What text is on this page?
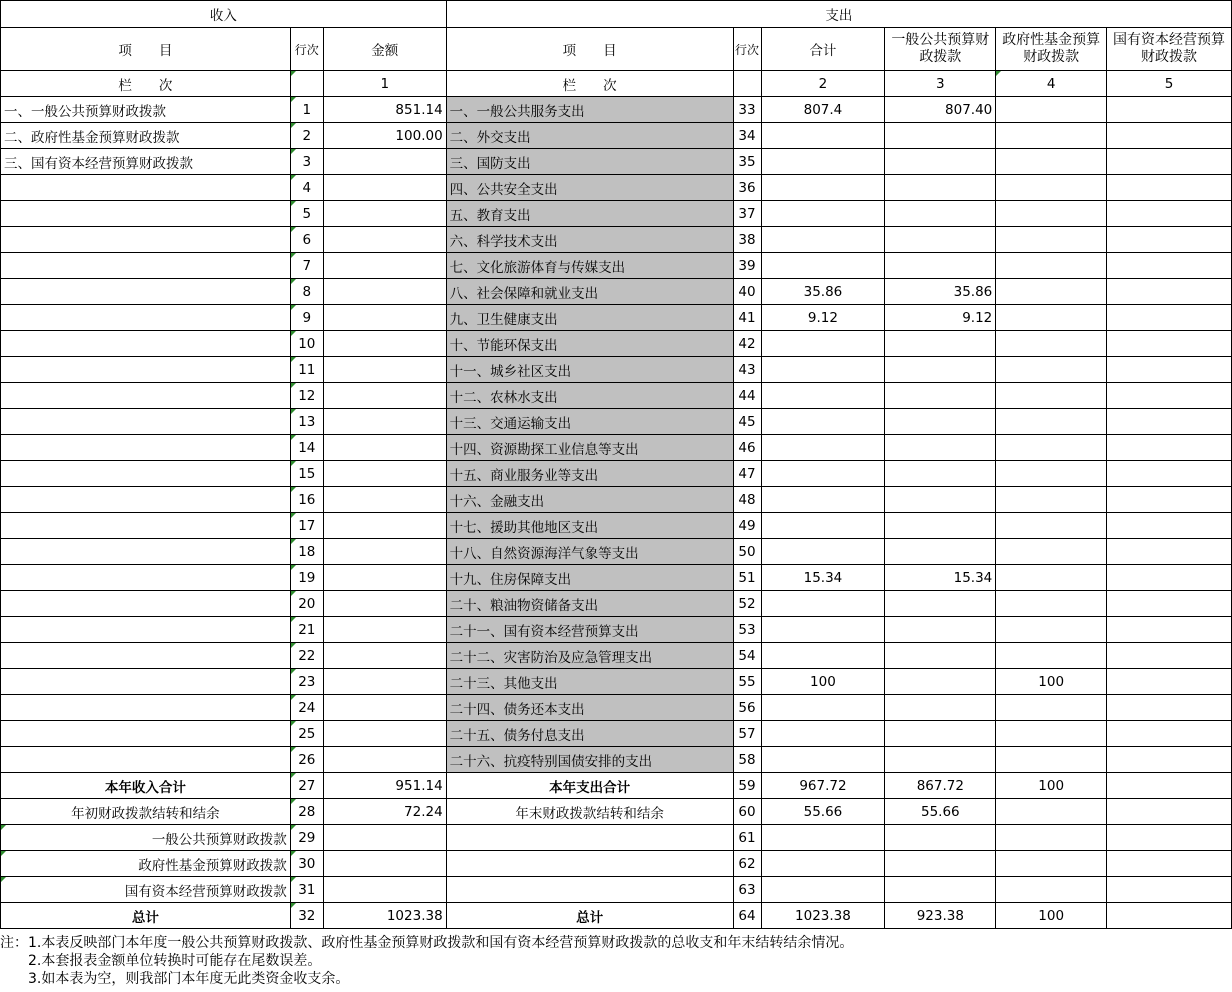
收入			支出					
项　　目	行次	金额	项　　目	行次	合计	一般公共预算财政拨款	政府性基金预算财政拨款	国有资本经营预算财政拨款
栏　　次		1	栏　　次		2	3	4	5
一、一般公共预算财政拨款	1	851.14	一、一般公共服务支出	33	807.4	807.40		
二、政府性基金预算财政拨款	2	100.00	二、外交支出	34				
三、国有资本经营预算财政拨款	3		三、国防支出	35				
	4		四、公共安全支出	36				
	5		五、教育支出	37				
	6		六、科学技术支出	38				
	7		七、文化旅游体育与传媒支出	39				
	8		八、社会保障和就业支出	40	35.86	35.86		
	9		九、卫生健康支出	41	9.12	9.12		
	10		十、节能环保支出	42				
	11		十一、城乡社区支出	43				
	12		十二、农林水支出	44				
	13		十三、交通运输支出	45				
	14		十四、资源勘探工业信息等支出	46				
	15		十五、商业服务业等支出	47				
	16		十六、金融支出	48				
	17		十七、援助其他地区支出	49				
	18		十八、自然资源海洋气象等支出	50				
	19		十九、住房保障支出	51	15.34	15.34		
	20		二十、粮油物资储备支出	52				
	21		二十一、国有资本经营预算支出	53				
	22		二十二、灾害防治及应急管理支出	54				
	23		二十三、其他支出	55	100		100	
	24		二十四、债务还本支出	56				
	25		二十五、债务付息支出	57				
	26		二十六、抗疫特别国债安排的支出	58				
本年收入合计	27	951.14	本年支出合计	59	967.72	867.72	100	
年初财政拨款结转和结余	28	72.24	年末财政拨款结转和结余	60	55.66	55.66		
一般公共预算财政拨款	29			61				
政府性基金预算财政拨款	30			62				
国有资本经营预算财政拨款	31			63				
总计	32	1023.38	总计	64	1023.38	923.38	100	
注：1.本表反映部门本年度一般公共预算财政拨款、政府性基金预算财政拨款和国有资本经营预算财政拨款的总收支和年末结转结余情况。
2.本套报表金额单位转换时可能存在尾数误差。
3.如本表为空，则我部门本年度无此类资金收支余。
